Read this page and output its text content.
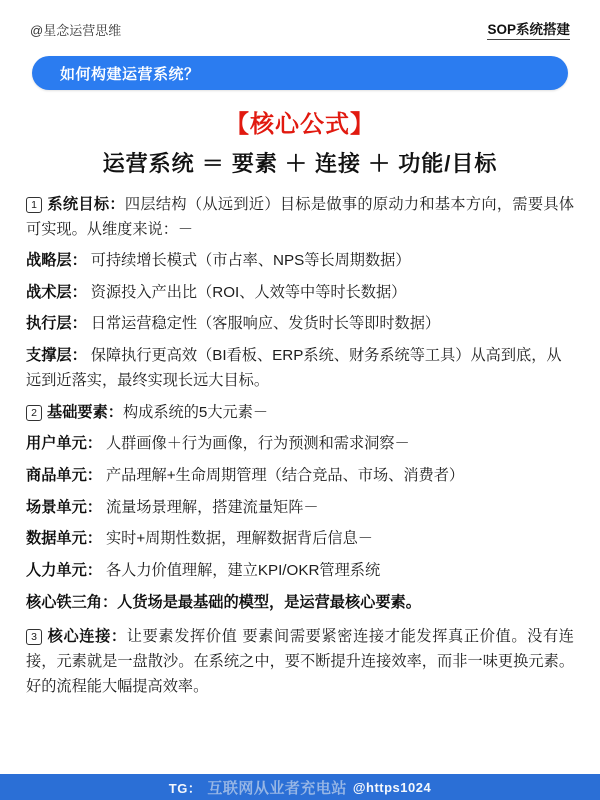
@星念运营思维	SOP系统搭建
如何构建运营系统？
【核心公式】
运营系统 ＝ 要素 ＋ 连接 ＋ 功能/目标

1 系统目标：四层结构（从远到近）目标是做事的原动力和基本方向，需要具体可实现。从维度来说：－

战略层： 可持续增长模式（市占率、NPS等长周期数据）
战术层： 资源投入产出比（ROI、人效等中等时长数据）
执行层： 日常运营稳定性（客服响应、发货时长等即时数据）
支撑层： 保障执行更高效（BI看板、ERP系统、财务系统等工具）从高到底，从远到近落实，最终实现长远大目标。

2 基础要素：构成系统的5大元素－

用户单元： 人群画像＋行为画像，行为预测和需求洞察－
商品单元： 产品理解+生命周期管理（结合竞品、市场、消费者）
场景单元： 流量场景理解，搭建流量矩阵－
数据单元： 实时+周期性数据，理解数据背后信息－
人力单元： 各人力价值理解，建立KPI/OKR管理系统
核心铁三角：人货场是最基础的模型，是运营最核心要素。

3 核心连接：让要素发挥价值 要素间需要紧密连接才能发挥真正价值。没有连接，元素就是一盘散沙。在系统之中，要不断提升连接效率，而非一味更换元素。好的流程能大幅提高效率。

TG： 互联网从业者充电站 @https1024
